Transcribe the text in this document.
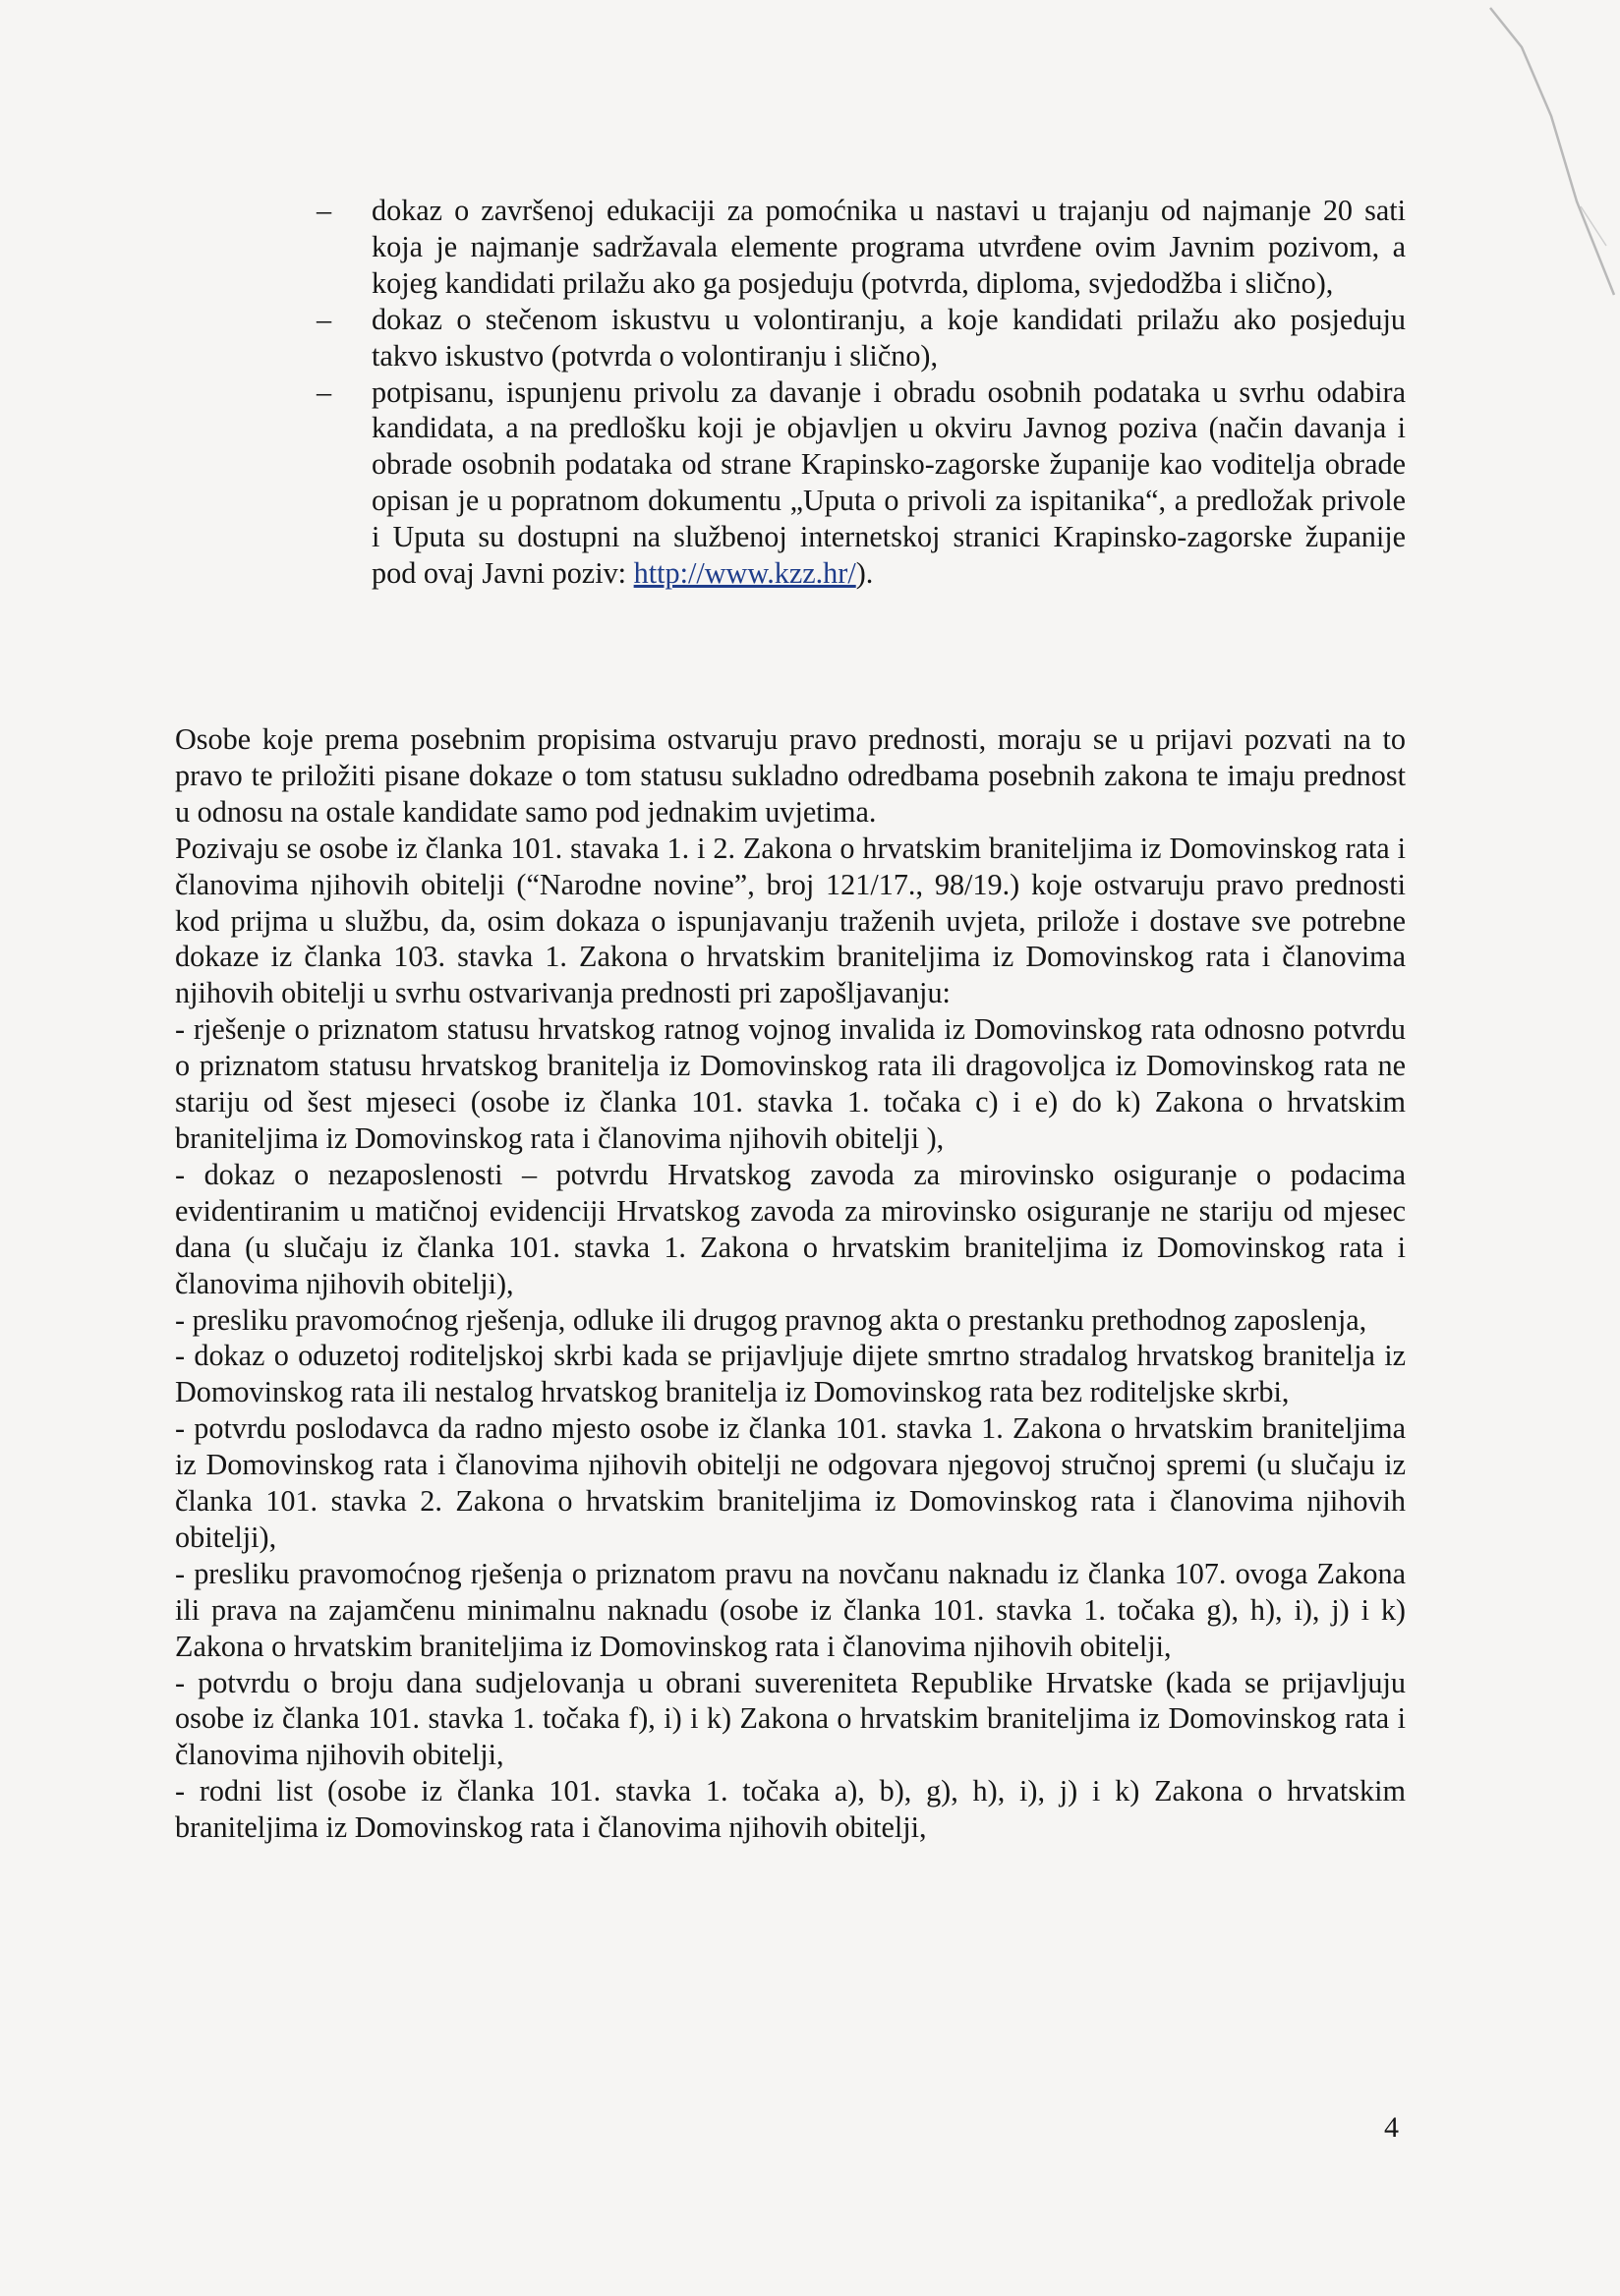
– dokaz o završenoj edukaciji za pomoćnika u nastavi u trajanju od najmanje 20 sati koja je najmanje sadržavala elemente programa utvrđene ovim Javnim pozivom, a kojeg kandidati prilažu ako ga posjeduju (potvrda, diploma, svjedodžba i slično),
– dokaz o stečenom iskustvu u volontiranju, a koje kandidati prilažu ako posjeduju takvo iskustvo (potvrda o volontiranju i slično),
– potpisanu, ispunjenu privolu za davanje i obradu osobnih podataka u svrhu odabira kandidata, a na predlošku koji je objavljen u okviru Javnog poziva (način davanja i obrade osobnih podataka od strane Krapinsko-zagorske županije kao voditelja obrade opisan je u popratnom dokumentu „Uputa o privoli za ispitanika“, a predložak privole i Uputa su dostupni na službenoj internetskoj stranici Krapinsko-zagorske županije pod ovaj Javni poziv: http://www.kzz.hr/).

Osobe koje prema posebnim propisima ostvaruju pravo prednosti, moraju se u prijavi pozvati na to pravo te priložiti pisane dokaze o tom statusu sukladno odredbama posebnih zakona te imaju prednost u odnosu na ostale kandidate samo pod jednakim uvjetima.

Pozivaju se osobe iz članka 101. stavaka 1. i 2. Zakona o hrvatskim braniteljima iz Domovinskog rata i članovima njihovih obitelji (“Narodne novine”, broj 121/17., 98/19.) koje ostvaruju pravo prednosti kod prijma u službu, da, osim dokaza o ispunjavanju traženih uvjeta, prilože i dostave sve potrebne dokaze iz članka 103. stavka 1. Zakona o hrvatskim braniteljima iz Domovinskog rata i članovima njihovih obitelji u svrhu ostvarivanja prednosti pri zapošljavanju:

- rješenje o priznatom statusu hrvatskog ratnog vojnog invalida iz Domovinskog rata odnosno potvrdu o priznatom statusu hrvatskog branitelja iz Domovinskog rata ili dragovoljca iz Domovinskog rata ne stariju od šest mjeseci (osobe iz članka 101. stavka 1. točaka c) i e) do k) Zakona o hrvatskim braniteljima iz Domovinskog rata i članovima njihovih obitelji ),

- dokaz o nezaposlenosti – potvrdu Hrvatskog zavoda za mirovinsko osiguranje o podacima evidentiranim u matičnoj evidenciji Hrvatskog zavoda za mirovinsko osiguranje ne stariju od mjesec dana (u slučaju iz članka 101. stavka 1. Zakona o hrvatskim braniteljima iz Domovinskog rata i članovima njihovih obitelji),

- presliku pravomoćnog rješenja, odluke ili drugog pravnog akta o prestanku prethodnog zaposlenja,

- dokaz o oduzetoj roditeljskoj skrbi kada se prijavljuje dijete smrtno stradalog hrvatskog branitelja iz Domovinskog rata ili nestalog hrvatskog branitelja iz Domovinskog rata bez roditeljske skrbi,

- potvrdu poslodavca da radno mjesto osobe iz članka 101. stavka 1. Zakona o hrvatskim braniteljima iz Domovinskog rata i članovima njihovih obitelji ne odgovara njegovoj stručnoj spremi (u slučaju iz članka 101. stavka 2. Zakona o hrvatskim braniteljima iz Domovinskog rata i članovima njihovih obitelji),

- presliku pravomoćnog rješenja o priznatom pravu na novčanu naknadu iz članka 107. ovoga Zakona ili prava na zajamčenu minimalnu naknadu (osobe iz članka 101. stavka 1. točaka g), h), i), j) i k) Zakona o hrvatskim braniteljima iz Domovinskog rata i članovima njihovih obitelji,

- potvrdu o broju dana sudjelovanja u obrani suvereniteta Republike Hrvatske (kada se prijavljuju osobe iz članka 101. stavka 1. točaka f), i) i k) Zakona o hrvatskim braniteljima iz Domovinskog rata i članovima njihovih obitelji,

- rodni list (osobe iz članka 101. stavka 1. točaka a), b), g), h), i), j) i k) Zakona o hrvatskim braniteljima iz Domovinskog rata i članovima njihovih obitelji,

4
